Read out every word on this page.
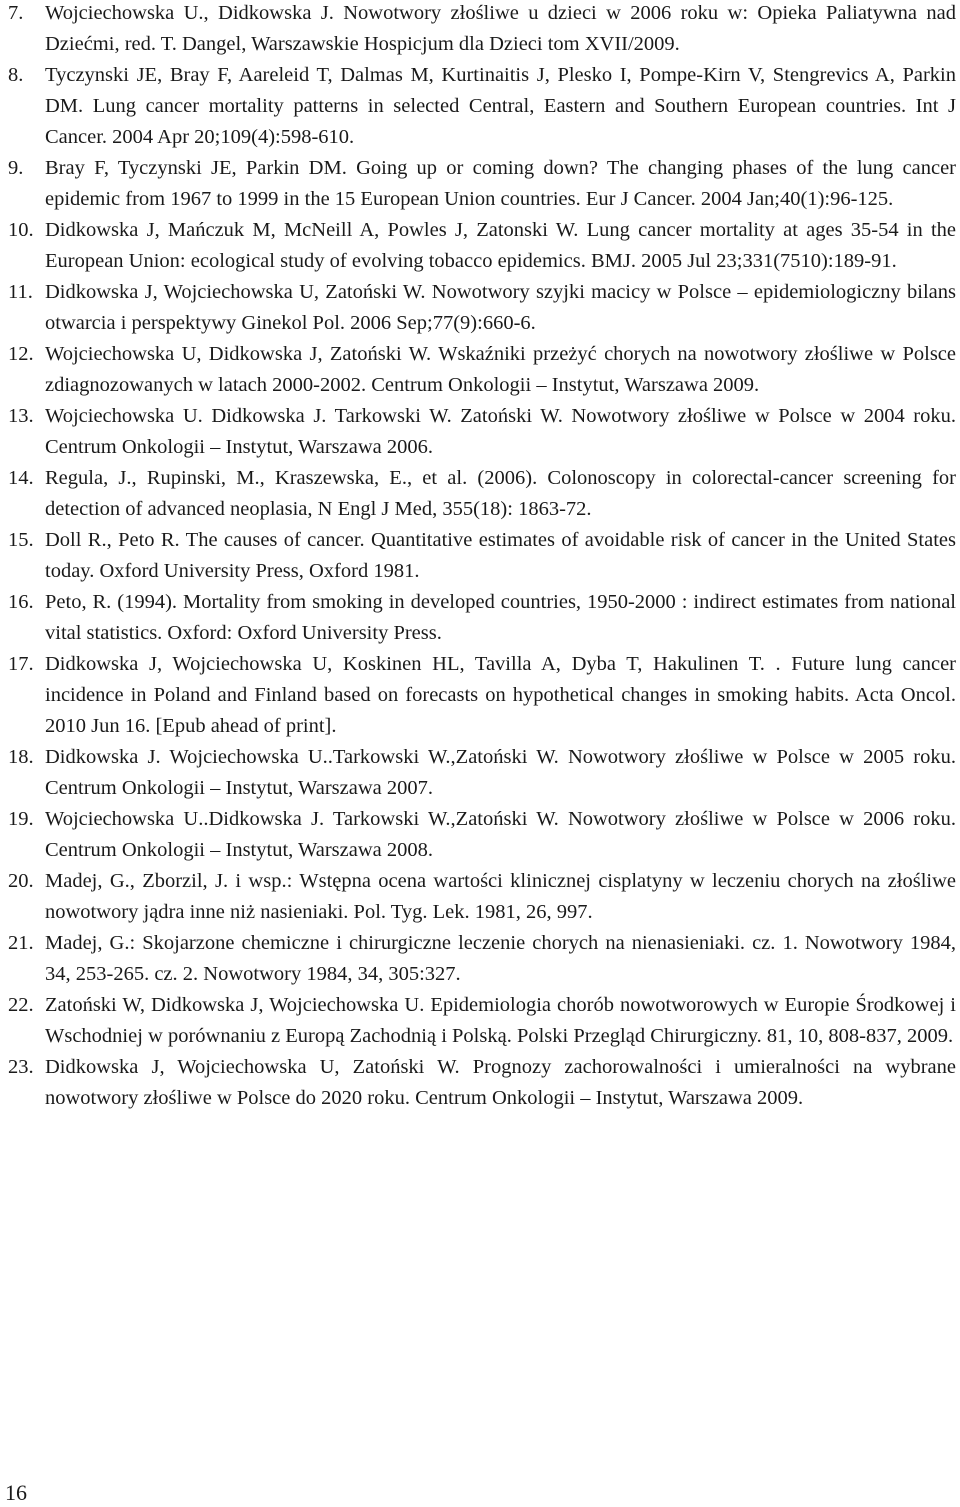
7.	Wojciechowska U., Didkowska J. Nowotwory złośliwe u dzieci w 2006 roku w: Opieka Paliatywna nad Dziećmi, red. T. Dangel, Warszawskie Hospicjum dla Dzieci tom XVII/2009.
8.	Tyczynski JE, Bray F, Aareleid T, Dalmas M, Kurtinaitis J, Plesko I, Pompe-Kirn V, Stengrevics A, Parkin DM. Lung cancer mortality patterns in selected Central, Eastern and Southern European countries. Int J Cancer. 2004 Apr 20;109(4):598-610.
9.	Bray F, Tyczynski JE, Parkin DM. Going up or coming down? The changing phases of the lung cancer epidemic from 1967 to 1999 in the 15 European Union countries. Eur J Cancer. 2004 Jan;40(1):96-125.
10. Didkowska J, Mańczuk M, McNeill A, Powles J, Zatonski W. Lung cancer mortality at ages 35-54 in the European Union: ecological study of evolving tobacco epidemics. BMJ. 2005 Jul 23;331(7510):189-91.
11. Didkowska J, Wojciechowska U, Zatoński W. Nowotwory szyjki macicy w Polsce – epidemiologiczny bilans otwarcia i perspektywy Ginekol Pol. 2006 Sep;77(9):660-6.
12. Wojciechowska U, Didkowska J, Zatoński W. Wskaźniki przeżyć chorych na nowotwory złośliwe w Polsce zdiagnozowanych w latach 2000-2002. Centrum Onkologii – Instytut, Warszawa 2009.
13. Wojciechowska U. Didkowska J. Tarkowski W. Zatoński W. Nowotwory złośliwe w Polsce w 2004 roku. Centrum Onkologii – Instytut, Warszawa 2006.
14. Regula, J., Rupinski, M., Kraszewska, E., et al. (2006). Colonoscopy in colorectal-cancer screening for detection of advanced neoplasia, N Engl J Med, 355(18): 1863-72.
15. Doll R., Peto R. The causes of cancer. Quantitative estimates of avoidable risk of cancer in the United States today. Oxford University Press, Oxford 1981.
16. Peto, R. (1994). Mortality from smoking in developed countries, 1950-2000 : indirect estimates from national vital statistics. Oxford: Oxford University Press.
17. Didkowska J, Wojciechowska U, Koskinen HL, Tavilla A, Dyba T, Hakulinen T. . Future lung cancer incidence in Poland and Finland based on forecasts on hypothetical changes in smoking habits. Acta Oncol. 2010 Jun 16. [Epub ahead of print].
18. Didkowska J. Wojciechowska U..Tarkowski W.,Zatoński W. Nowotwory złośliwe w Polsce w 2005 roku. Centrum Onkologii – Instytut, Warszawa 2007.
19. Wojciechowska U..Didkowska J. Tarkowski W.,Zatoński W. Nowotwory złośliwe w Polsce w 2006 roku. Centrum Onkologii – Instytut, Warszawa 2008.
20. Madej, G., Zborzil, J. i wsp.: Wstępna ocena wartości klinicznej cisplatyny w leczeniu chorych na złośliwe nowotwory jądra inne niż nasieniaki. Pol. Tyg. Lek. 1981, 26, 997.
21. Madej, G.: Skojarzone chemiczne i chirurgiczne leczenie chorych na nienasieniaki. cz. 1. Nowotwory 1984, 34, 253-265. cz. 2. Nowotwory 1984, 34, 305:327.
22. Zatoński W, Didkowska J, Wojciechowska U. Epidemiologia chorób nowotworowych w Europie Środkowej i Wschodniej w porównaniu z Europą Zachodnią i Polską. Polski Przegląd Chirurgiczny. 81, 10, 808-837, 2009.
23. Didkowska J, Wojciechowska U, Zatoński W. Prognozy zachorowalności i umieralności na wybrane nowotwory złośliwe w Polsce do 2020 roku. Centrum Onkologii – Instytut, Warszawa 2009.
16
